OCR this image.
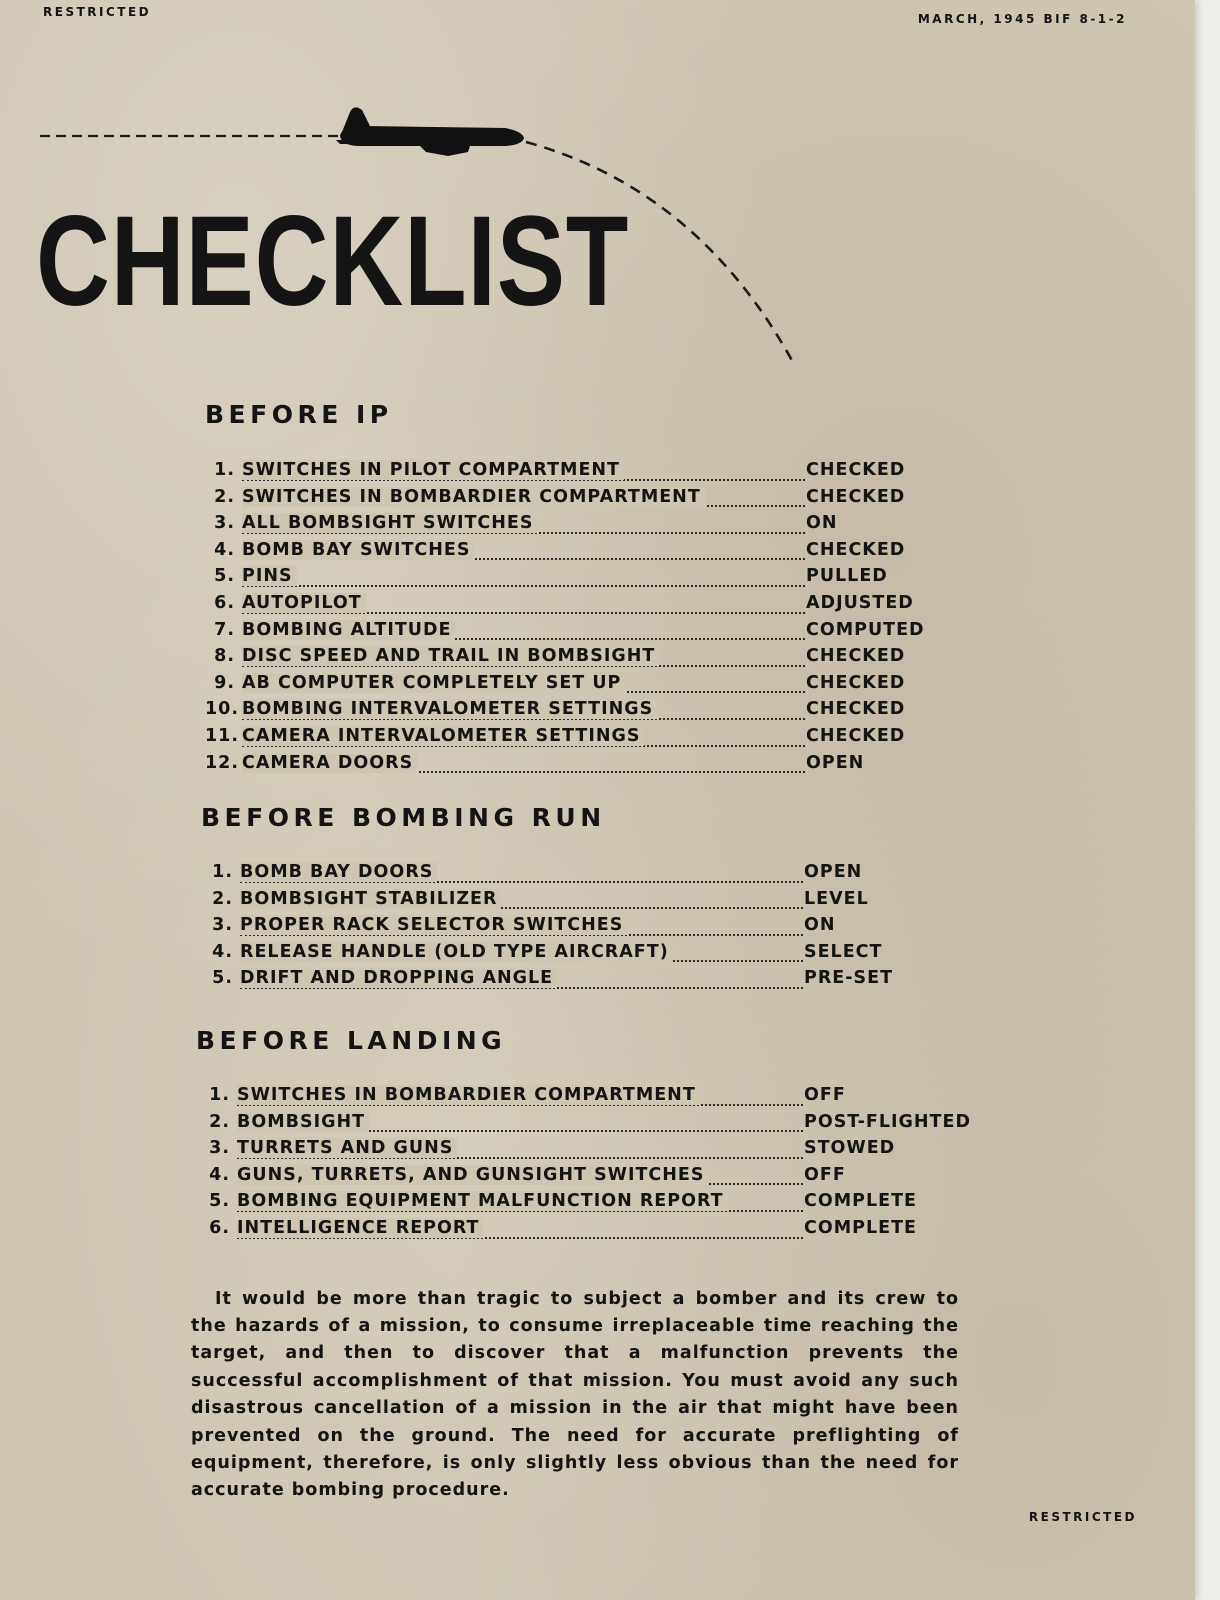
RESTRICTED	MARCH, 1945 BIF 8-1-2
CHECKLIST
BEFORE IP
1. SWITCHES IN PILOT COMPARTMENT	CHECKED
2. SWITCHES IN BOMBARDIER COMPARTMENT	CHECKED
3. ALL BOMBSIGHT SWITCHES	ON
4. BOMB BAY SWITCHES	CHECKED
5. PINS	PULLED
6. AUTOPILOT	ADJUSTED
7. BOMBING ALTITUDE	COMPUTED
8. DISC SPEED AND TRAIL IN BOMBSIGHT	CHECKED
9. AB COMPUTER COMPLETELY SET UP	CHECKED
10. BOMBING INTERVALOMETER SETTINGS	CHECKED
11. CAMERA INTERVALOMETER SETTINGS	CHECKED
12. CAMERA DOORS	OPEN
BEFORE BOMBING RUN
1. BOMB BAY DOORS	OPEN
2. BOMBSIGHT STABILIZER	LEVEL
3. PROPER RACK SELECTOR SWITCHES	ON
4. RELEASE HANDLE (OLD TYPE AIRCRAFT)	SELECT
5. DRIFT AND DROPPING ANGLE	PRE-SET
BEFORE LANDING
1. SWITCHES IN BOMBARDIER COMPARTMENT	OFF
2. BOMBSIGHT	POST-FLIGHTED
3. TURRETS AND GUNS	STOWED
4. GUNS, TURRETS, AND GUNSIGHT SWITCHES	OFF
5. BOMBING EQUIPMENT MALFUNCTION REPORT	COMPLETE
6. INTELLIGENCE REPORT	COMPLETE

It would be more than tragic to subject a bomber and its crew to the hazards of a mission, to consume irreplaceable time reaching the target, and then to discover that a malfunction prevents the successful accomplishment of that mission. You must avoid any such disastrous cancellation of a mission in the air that might have been prevented on the ground. The need for accurate preflighting of equipment, therefore, is only slightly less obvious than the need for accurate bombing procedure.

RESTRICTED
